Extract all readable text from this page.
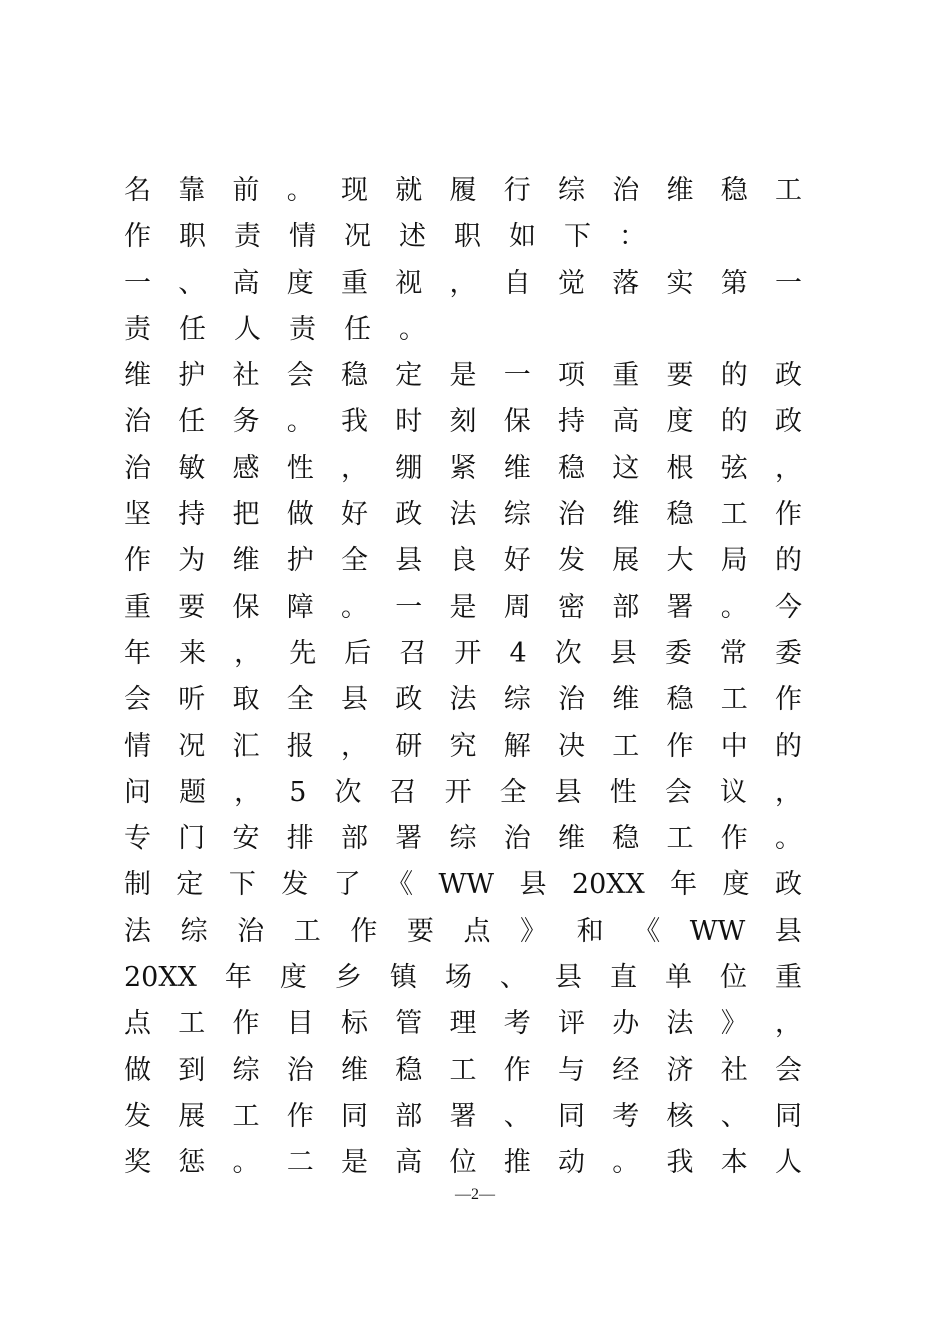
名 靠 前 。 现 就 履 行 综 治 维 稳 工
作 职 责 情 况 述 职 如 下 ：
一 、 高 度 重 视 ， 自 觉 落 实 第 一
责 任 人 责 任 。
维 护 社 会 稳 定 是 一 项 重 要 的 政
治 任 务 。 我 时 刻 保 持 高 度 的 政
治 敏 感 性 ， 绷 紧 维 稳 这 根 弦 ，
坚 持 把 做 好 政 法 综 治 维 稳 工 作
作 为 维 护 全 县 良 好 发 展 大 局 的
重 要 保 障 。 一 是 周 密 部 署 。 今
年 来 ， 先 后 召 开 4 次 县 委 常 委
会 听 取 全 县 政 法 综 治 维 稳 工 作
情 况 汇 报 ， 研 究 解 决 工 作 中 的
问 题 ， 5 次 召 开 全 县 性 会 议 ，
专 门 安 排 部 署 综 治 维 稳 工 作 。
制 定 下 发 了 《 WW 县 20XX 年 度 政
法 综 治 工 作 要 点 》 和 《 WW 县
20XX 年 度 乡 镇 场 、 县 直 单 位 重
点 工 作 目 标 管 理 考 评 办 法 》 ，
做 到 综 治 维 稳 工 作 与 经 济 社 会
发 展 工 作 同 部 署 、 同 考 核 、 同
奖 惩 。 二 是 高 位 推 动 。 我 本 人
—2—
